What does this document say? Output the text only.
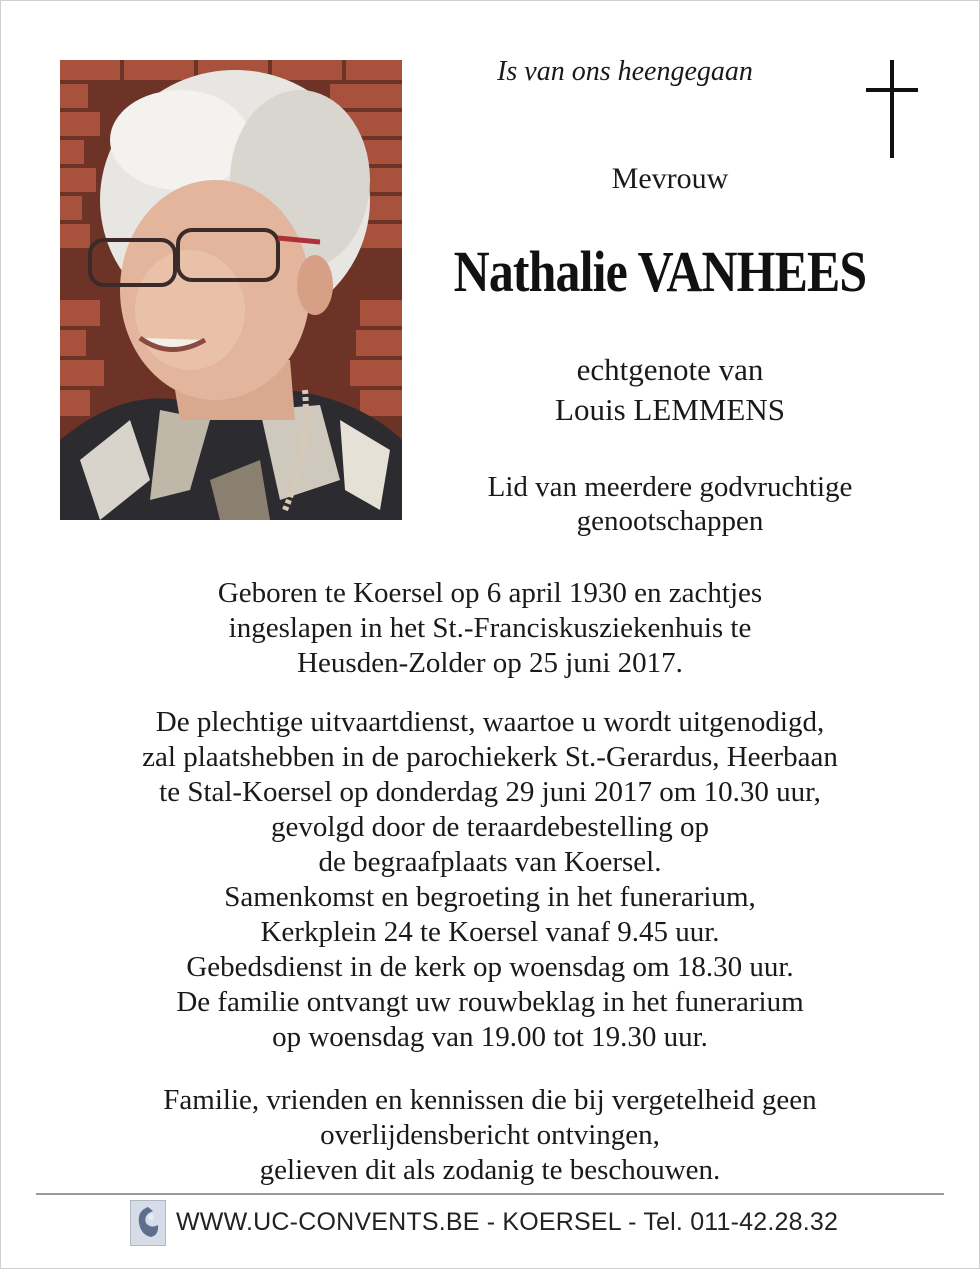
Is van ons heengegaan
Mevrouw
Nathalie VANHEES
echtgenote van
Louis LEMMENS
Lid van meerdere godvruchtige
genootschappen
Geboren te Koersel op 6 april 1930 en zachtjes
ingeslapen in het St.-Franciskusziekenhuis te
Heusden-Zolder op 25 juni 2017.
De plechtige uitvaartdienst, waartoe u wordt uitgenodigd,
zal plaatshebben in de parochiekerk St.-Gerardus, Heerbaan
te Stal-Koersel op donderdag 29 juni 2017 om 10.30 uur,
gevolgd door de teraardebestelling op
de begraafplaats van Koersel.
Samenkomst en begroeting in het funerarium,
Kerkplein 24 te Koersel vanaf 9.45 uur.
Gebedsdienst in de kerk op woensdag om 18.30 uur.
De familie ontvangt uw rouwbeklag in het funerarium
op woensdag van 19.00 tot 19.30 uur.
Familie, vrienden en kennissen die bij vergetelheid geen
overlijdensbericht ontvingen,
gelieven dit als zodanig te beschouwen.
WWW.UC-CONVENTS.BE - KOERSEL - Tel. 011-42.28.32
